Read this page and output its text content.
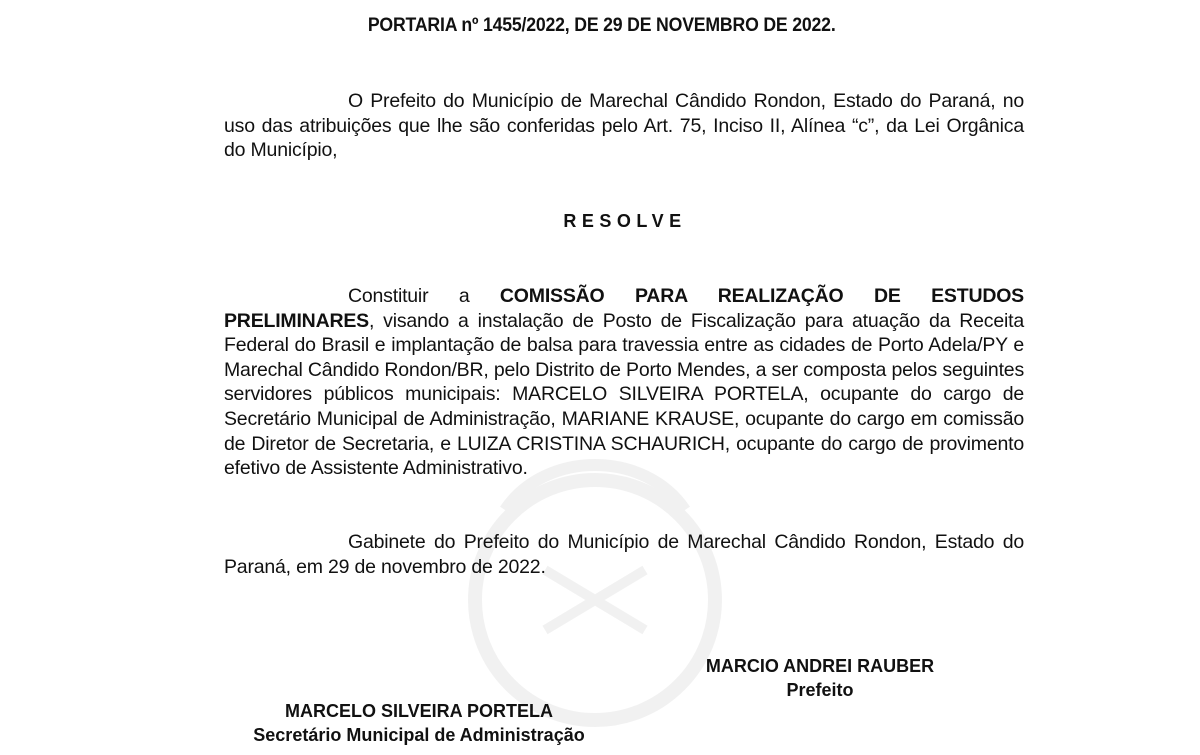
PORTARIA nº 1455/2022, DE 29 DE NOVEMBRO DE 2022.
O Prefeito do Município de Marechal Cândido Rondon, Estado do Paraná, no uso das atribuições que lhe são conferidas pelo Art. 75, Inciso II, Alínea “c”, da Lei Orgânica do Município,
RESOLVE
Constituir a COMISSÃO PARA REALIZAÇÃO DE ESTUDOS PRELIMINARES, visando a instalação de Posto de Fiscalização para atuação da Receita Federal do Brasil e implantação de balsa para travessia entre as cidades de Porto Adela/PY e Marechal Cândido Rondon/BR, pelo Distrito de Porto Mendes, a ser composta pelos seguintes servidores públicos municipais: MARCELO SILVEIRA PORTELA, ocupante do cargo de Secretário Municipal de Administração, MARIANE KRAUSE, ocupante do cargo em comissão de Diretor de Secretaria, e LUIZA CRISTINA SCHAURICH, ocupante do cargo de provimento efetivo de Assistente Administrativo.
Gabinete do Prefeito do Município de Marechal Cândido Rondon, Estado do Paraná, em 29 de novembro de 2022.
MARCIO ANDREI RAUBER
Prefeito
MARCELO SILVEIRA PORTELA
Secretário Municipal de Administração
